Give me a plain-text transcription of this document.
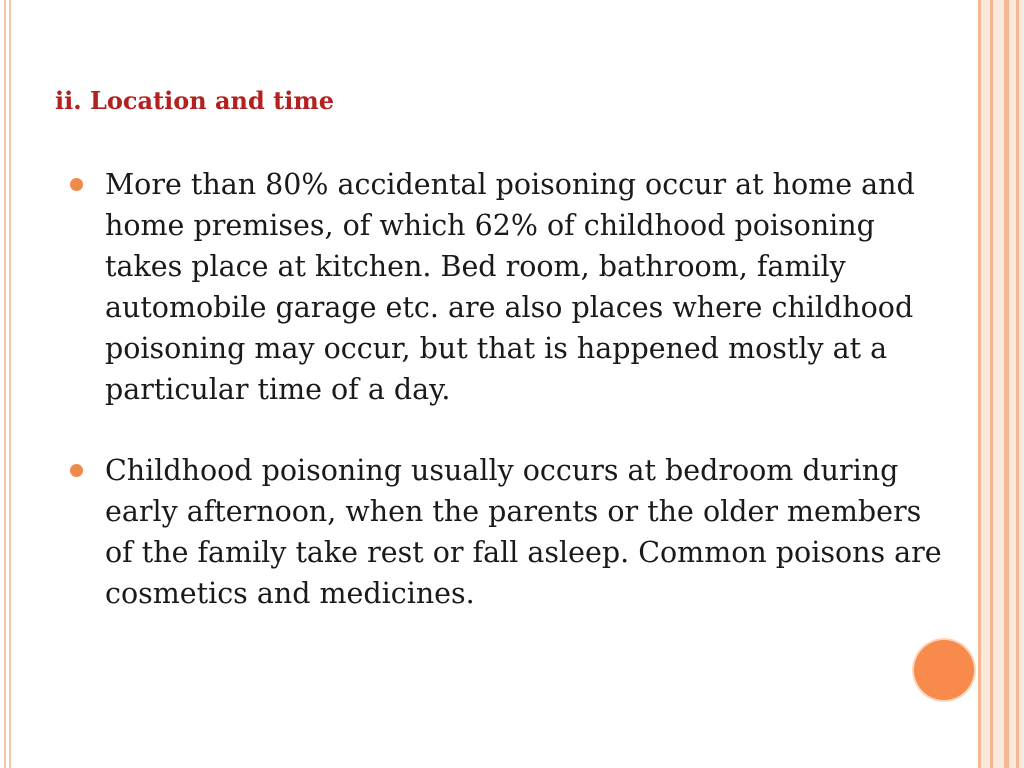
ii. Location and time
More than 80% accidental poisoning occur at home and home premises, of which 62% of childhood poisoning takes place at kitchen. Bed room, bathroom, family automobile garage etc. are also places where childhood poisoning may occur, but that is happened mostly at a particular time of a day.
Childhood poisoning usually occurs at bedroom during early afternoon, when the parents or the older members of the family take rest or fall asleep. Common poisons are cosmetics and medicines.
